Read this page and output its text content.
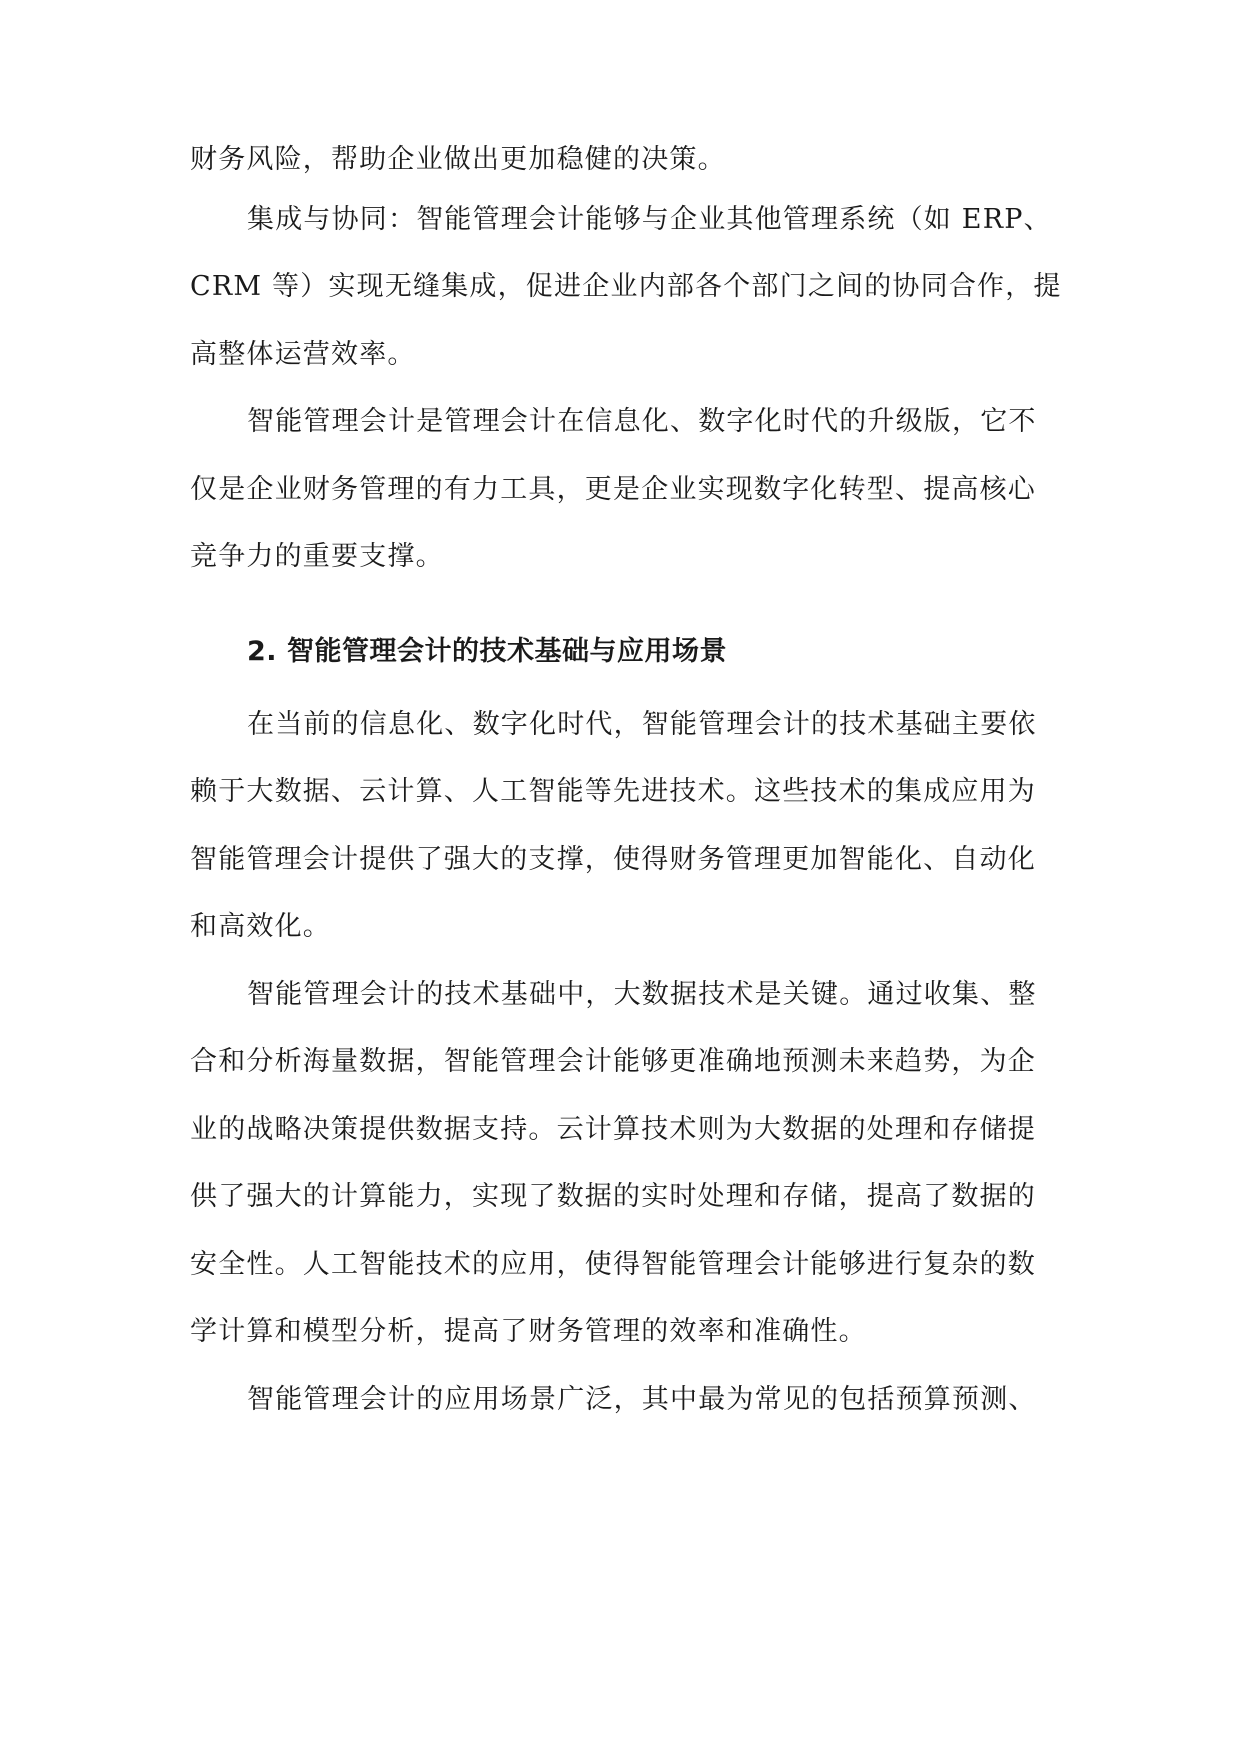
财务风险，帮助企业做出更加稳健的决策。
集成与协同：智能管理会计能够与企业其他管理系统（如 ERP、
CRM 等）实现无缝集成，促进企业内部各个部门之间的协同合作，提
高整体运营效率。
智能管理会计是管理会计在信息化、数字化时代的升级版，它不
仅是企业财务管理的有力工具，更是企业实现数字化转型、提高核心
竞争力的重要支撑。
2. 智能管理会计的技术基础与应用场景
在当前的信息化、数字化时代，智能管理会计的技术基础主要依
赖于大数据、云计算、人工智能等先进技术。这些技术的集成应用为
智能管理会计提供了强大的支撑，使得财务管理更加智能化、自动化
和高效化。
智能管理会计的技术基础中，大数据技术是关键。通过收集、整
合和分析海量数据，智能管理会计能够更准确地预测未来趋势，为企
业的战略决策提供数据支持。云计算技术则为大数据的处理和存储提
供了强大的计算能力，实现了数据的实时处理和存储，提高了数据的
安全性。人工智能技术的应用，使得智能管理会计能够进行复杂的数
学计算和模型分析，提高了财务管理的效率和准确性。
智能管理会计的应用场景广泛，其中最为常见的包括预算预测、
